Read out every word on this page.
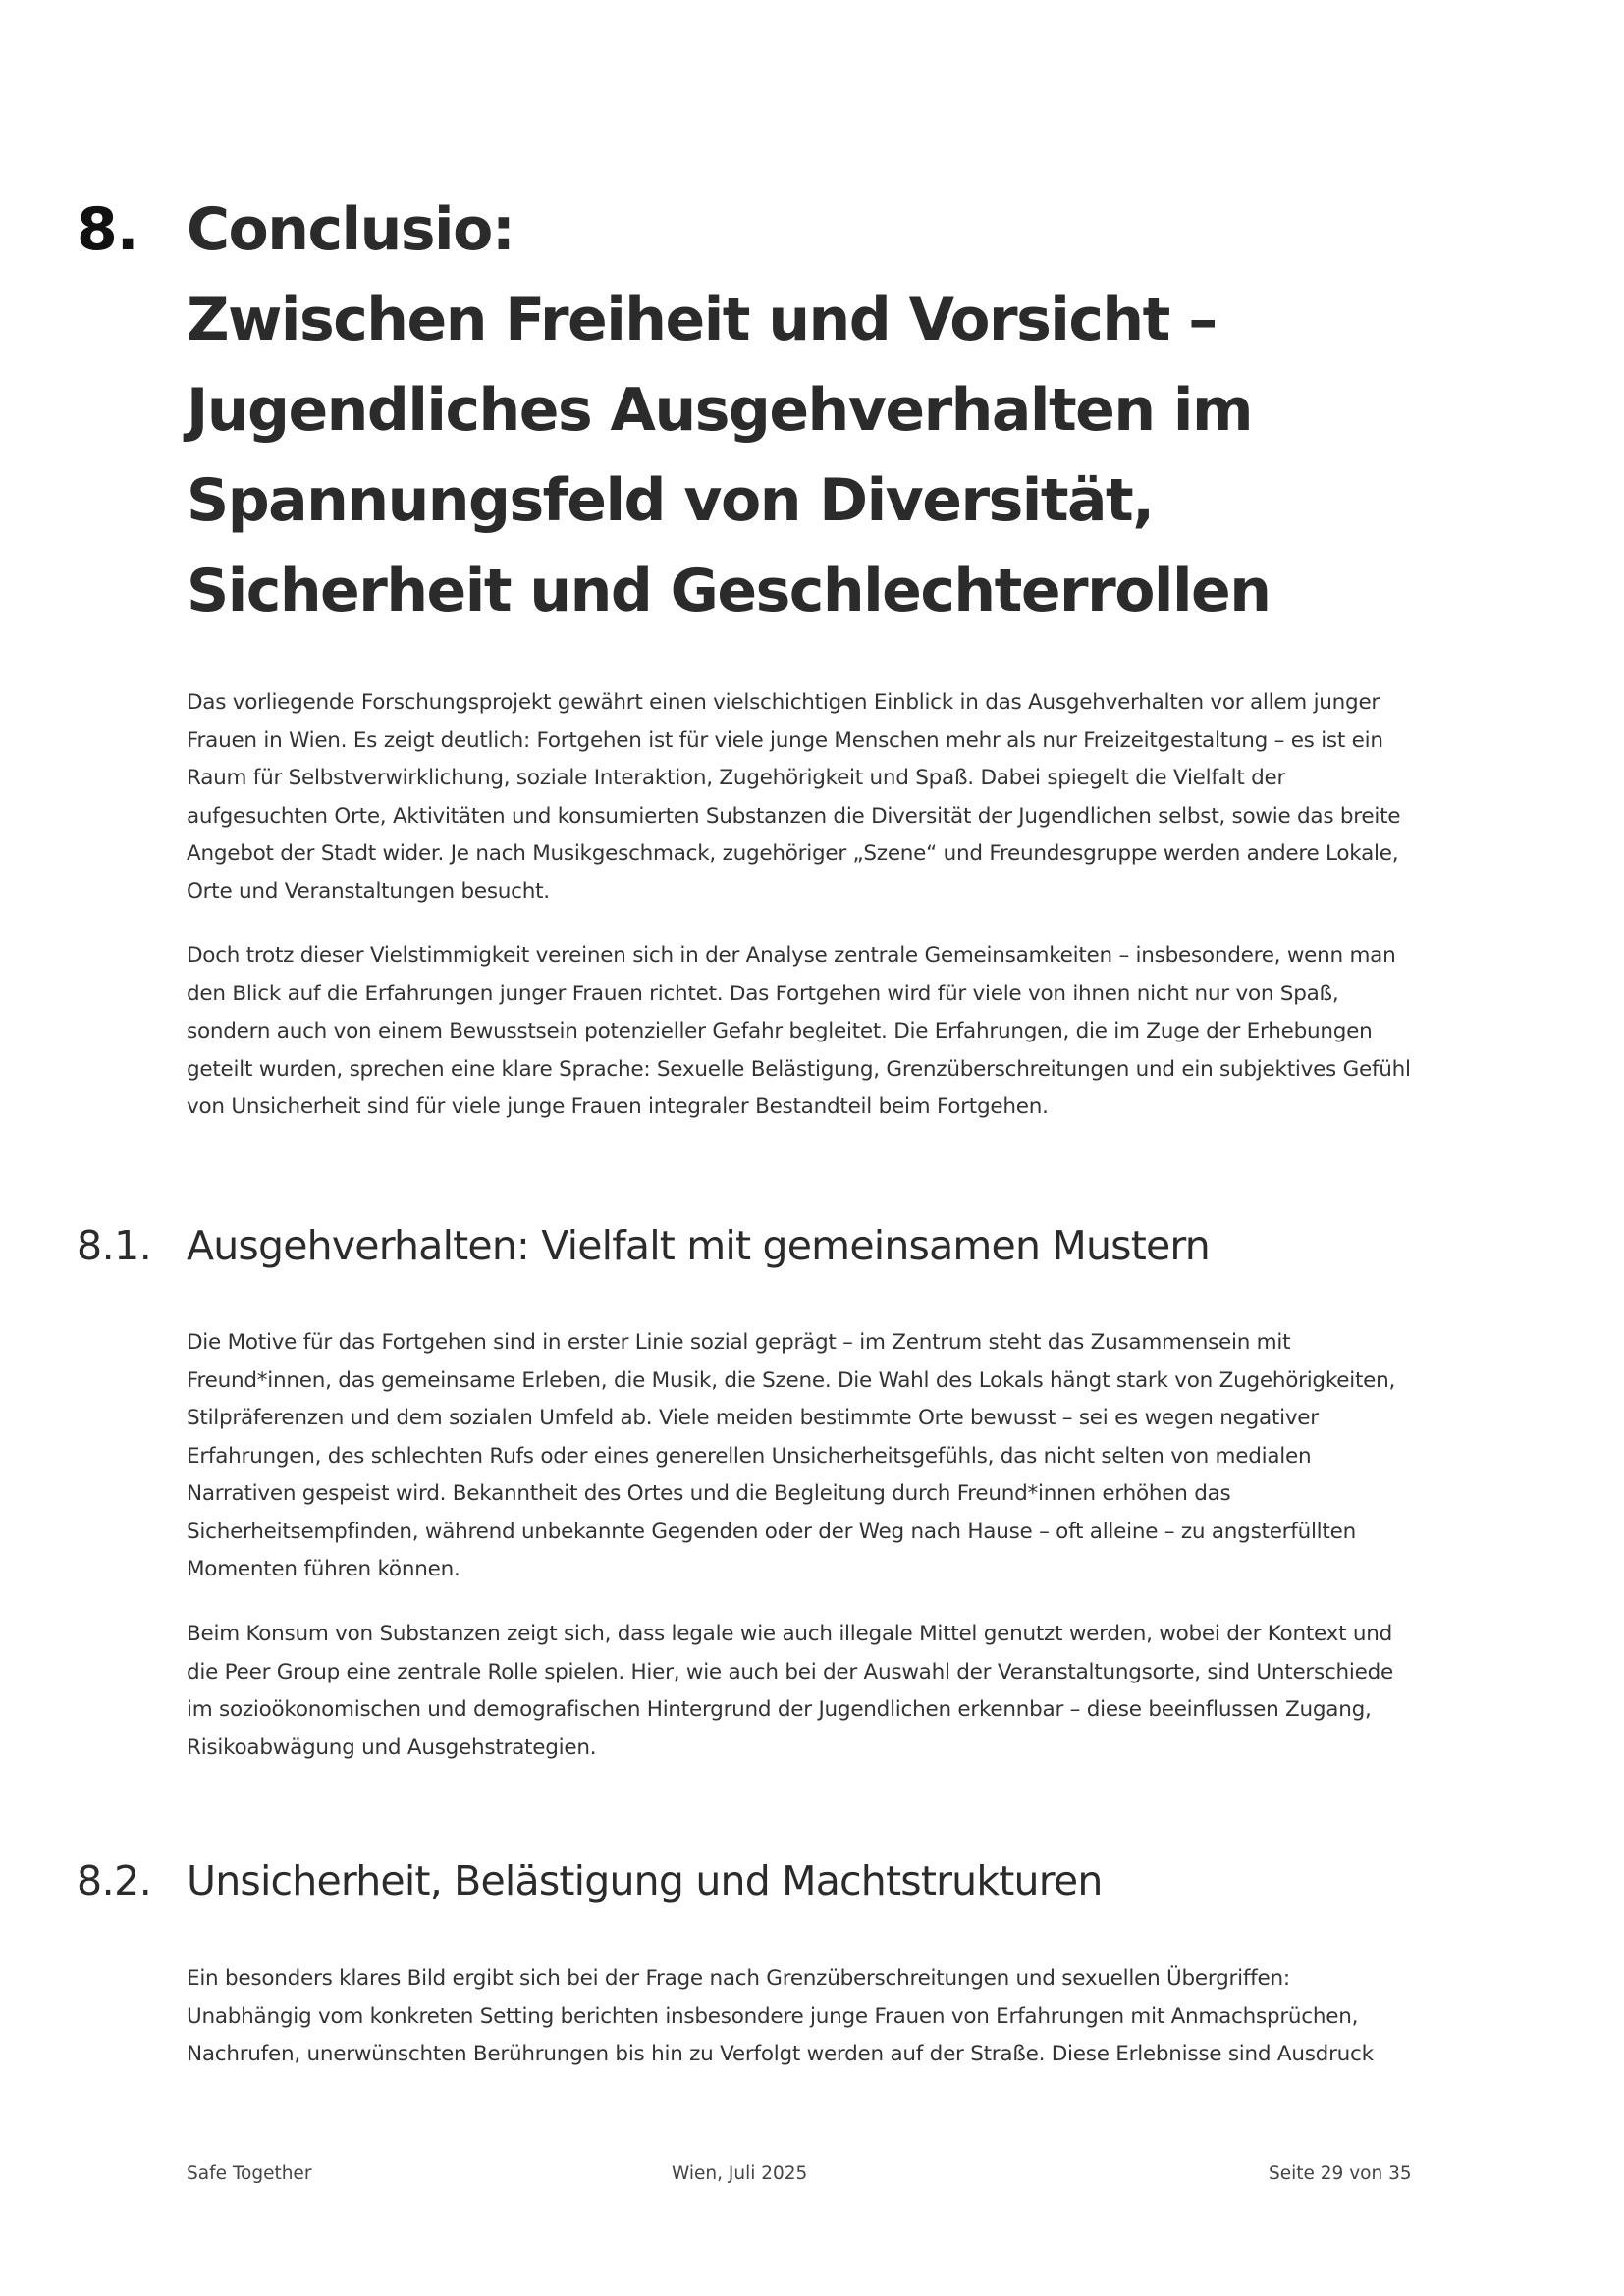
8. Conclusio:
Zwischen Freiheit und Vorsicht –
Jugendliches Ausgehverhalten im
Spannungsfeld von Diversität,
Sicherheit und Geschlechterrollen
Das vorliegende Forschungsprojekt gewährt einen vielschichtigen Einblick in das Ausgehverhalten vor allem junger
Frauen in Wien. Es zeigt deutlich: Fortgehen ist für viele junge Menschen mehr als nur Freizeitgestaltung – es ist ein
Raum für Selbstverwirklichung, soziale Interaktion, Zugehörigkeit und Spaß. Dabei spiegelt die Vielfalt der
aufgesuchten Orte, Aktivitäten und konsumierten Substanzen die Diversität der Jugendlichen selbst, sowie das breite
Angebot der Stadt wider. Je nach Musikgeschmack, zugehöriger „Szene“ und Freundesgruppe werden andere Lokale,
Orte und Veranstaltungen besucht.
Doch trotz dieser Vielstimmigkeit vereinen sich in der Analyse zentrale Gemeinsamkeiten – insbesondere, wenn man
den Blick auf die Erfahrungen junger Frauen richtet. Das Fortgehen wird für viele von ihnen nicht nur von Spaß,
sondern auch von einem Bewusstsein potenzieller Gefahr begleitet. Die Erfahrungen, die im Zuge der Erhebungen
geteilt wurden, sprechen eine klare Sprache: Sexuelle Belästigung, Grenzüberschreitungen und ein subjektives Gefühl
von Unsicherheit sind für viele junge Frauen integraler Bestandteil beim Fortgehen.
8.1. Ausgehverhalten: Vielfalt mit gemeinsamen Mustern
Die Motive für das Fortgehen sind in erster Linie sozial geprägt – im Zentrum steht das Zusammensein mit
Freund*innen, das gemeinsame Erleben, die Musik, die Szene. Die Wahl des Lokals hängt stark von Zugehörigkeiten,
Stilpräferenzen und dem sozialen Umfeld ab. Viele meiden bestimmte Orte bewusst – sei es wegen negativer
Erfahrungen, des schlechten Rufs oder eines generellen Unsicherheitsgefühls, das nicht selten von medialen
Narrativen gespeist wird. Bekanntheit des Ortes und die Begleitung durch Freund*innen erhöhen das
Sicherheitsempfinden, während unbekannte Gegenden oder der Weg nach Hause – oft alleine – zu angsterfüllten
Momenten führen können.
Beim Konsum von Substanzen zeigt sich, dass legale wie auch illegale Mittel genutzt werden, wobei der Kontext und
die Peer Group eine zentrale Rolle spielen. Hier, wie auch bei der Auswahl der Veranstaltungsorte, sind Unterschiede
im sozioökonomischen und demografischen Hintergrund der Jugendlichen erkennbar – diese beeinflussen Zugang,
Risikoabwägung und Ausgehstrategien.
8.2. Unsicherheit, Belästigung und Machtstrukturen
Ein besonders klares Bild ergibt sich bei der Frage nach Grenzüberschreitungen und sexuellen Übergriffen:
Unabhängig vom konkreten Setting berichten insbesondere junge Frauen von Erfahrungen mit Anmachsprüchen,
Nachrufen, unerwünschten Berührungen bis hin zu Verfolgt werden auf der Straße. Diese Erlebnisse sind Ausdruck
Safe Together	Wien, Juli 2025	Seite 29 von 35
